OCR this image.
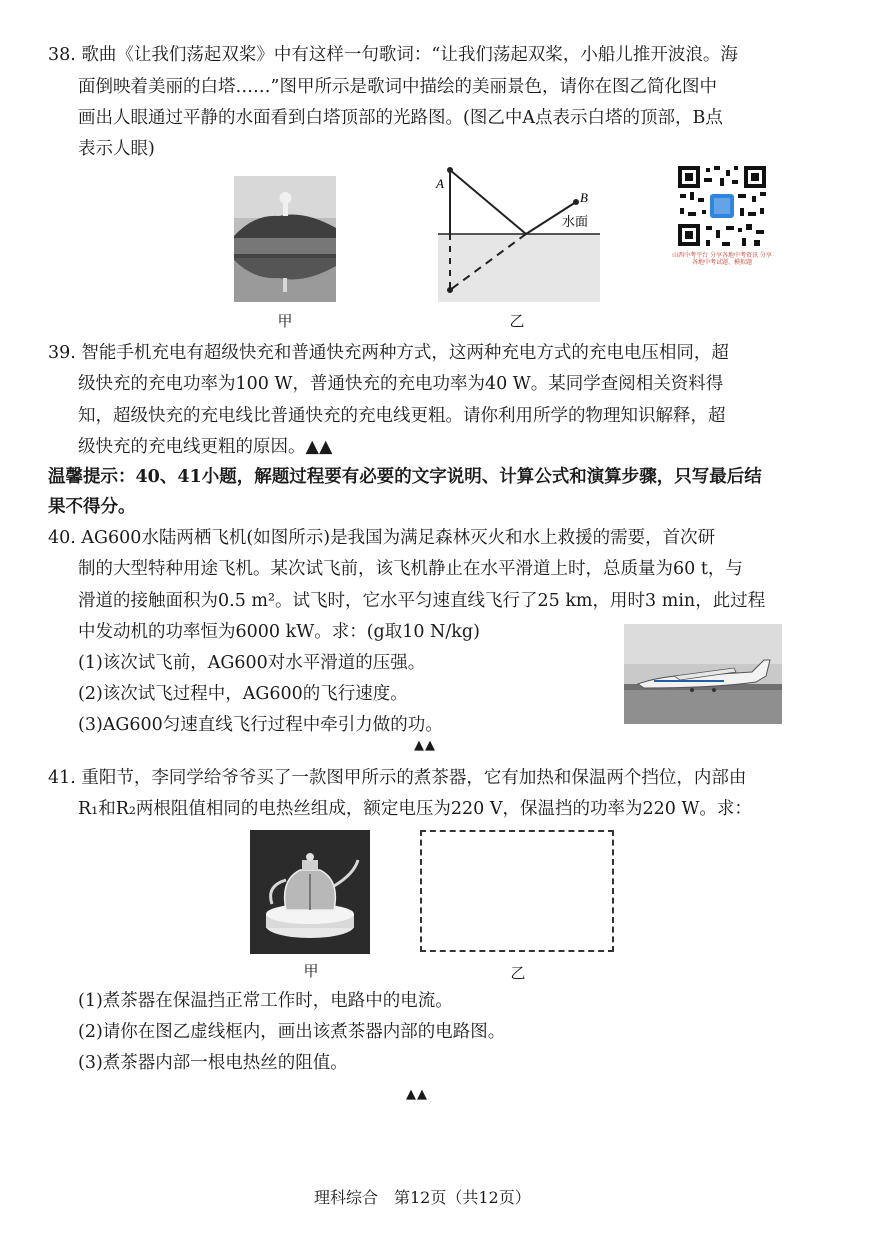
38. 歌曲《让我们荡起双桨》中有这样一句歌词：“让我们荡起双桨，小船儿推开波浪。海
面倒映着美丽的白塔……”图甲所示是歌词中描绘的美丽景色，请你在图乙简化图中
画出人眼通过平静的水面看到白塔顶部的光路图。(图乙中A点表示白塔的顶部，B点
表示人眼)
A
B
水面
山西中考平台 分享各地中考资讯 分享各地中考试题、模拟题
甲	乙
39. 智能手机充电有超级快充和普通快充两种方式，这两种充电方式的充电电压相同，超
级快充的充电功率为100 W，普通快充的充电功率为40 W。某同学查阅相关资料得
知，超级快充的充电线比普通快充的充电线更粗。请你利用所学的物理知识解释，超
级快充的充电线更粗的原因。▲▲
温馨提示：40、41小题，解题过程要有必要的文字说明、计算公式和演算步骤，只写最后结
果不得分。
40. AG600水陆两栖飞机(如图所示)是我国为满足森林灭火和水上救援的需要，首次研
制的大型特种用途飞机。某次试飞前，该飞机静止在水平滑道上时，总质量为60 t，与
滑道的接触面积为0.5 m²。试飞时，它水平匀速直线飞行了25 km，用时3 min，此过程
中发动机的功率恒为6000 kW。求：(g取10 N/kg)
(1)该次试飞前，AG600对水平滑道的压强。
(2)该次试飞过程中，AG600的飞行速度。
(3)AG600匀速直线飞行过程中牵引力做的功。
▲▲
41. 重阳节，李同学给爷爷买了一款图甲所示的煮茶器，它有加热和保温两个挡位，内部由
R₁和R₂两根阻值相同的电热丝组成，额定电压为220 V，保温挡的功率为220 W。求：
甲	乙
(1)煮茶器在保温挡正常工作时，电路中的电流。
(2)请你在图乙虚线框内，画出该煮茶器内部的电路图。
(3)煮茶器内部一根电热丝的阻值。
▲▲
理科综合　第12页（共12页）
